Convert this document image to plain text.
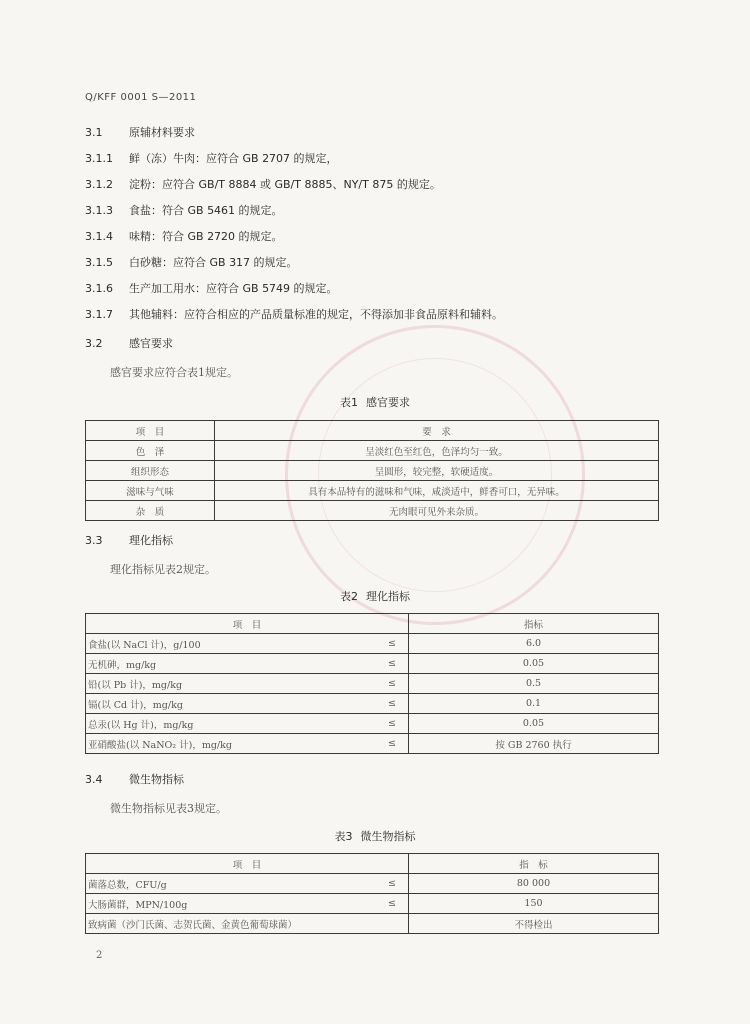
Q/KFF 0001 S—2011
3.1 原辅材料要求
3.1.1 鲜（冻）牛肉：应符合 GB 2707 的规定，
3.1.2 淀粉：应符合 GB/T 8884 或 GB/T 8885、NY/T 875 的规定。
3.1.3 食盐：符合 GB 5461 的规定。
3.1.4 味精：符合 GB 2720 的规定。
3.1.5 白砂糖：应符合 GB 317 的规定。
3.1.6 生产加工用水：应符合 GB 5749 的规定。
3.1.7 其他辅料：应符合相应的产品质量标准的规定，不得添加非食品原料和辅料。
3.2 感官要求
感官要求应符合表1规定。
表1 感官要求
项　目	要　求
色　泽	呈淡红色至红色，色泽均匀一致。
组织形态	呈圆形，较完整，软硬适度。
滋味与气味	具有本品特有的滋味和气味，咸淡适中，鲜香可口，无异味。
杂　质	无肉眼可见外来杂质。
3.3 理化指标
理化指标见表2规定。
表2 理化指标
项　目		指标
食盐(以 NaCl 计)，g/100	≤	6.0
无机砷，mg/kg	≤	0.05
铅(以 Pb 计)，mg/kg	≤	0.5
镉(以 Cd 计)，mg/kg	≤	0.1
总汞(以 Hg 计)，mg/kg	≤	0.05
亚硝酸盐(以 NaNO₂ 计)，mg/kg	≤	按 GB 2760 执行
3.4 微生物指标
微生物指标见表3规定。
表3 微生物指标
项　目		指　标
菌落总数，CFU/g	≤	80 000
大肠菌群，MPN/100g	≤	150
致病菌（沙门氏菌、志贺氏菌、金黄色葡萄球菌）		不得检出
2
